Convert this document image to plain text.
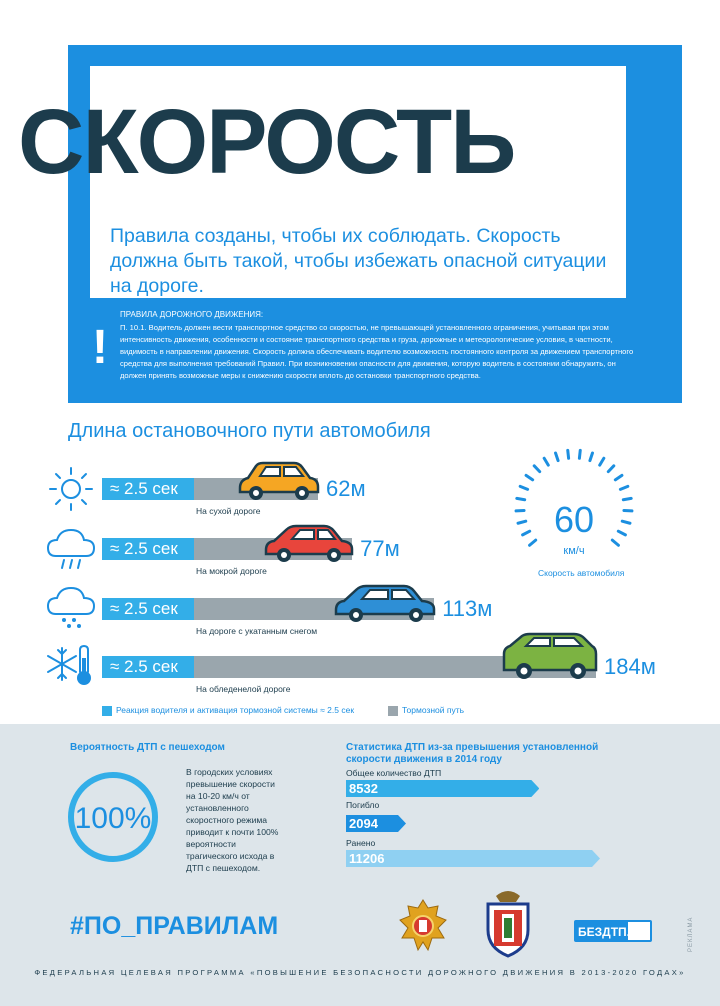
СКОРОСТЬ
Правила созданы, чтобы их соблюдать. Скорость должна быть такой, чтобы избежать опасной ситуации на дороге.
!
ПРАВИЛА ДОРОЖНОГО ДВИЖЕНИЯ:
П. 10.1. Водитель должен вести транспортное средство со скоростью, не превышающей установленного ограничения, учитывая при этом интенсивность движения, особенности и состояние транспортного средства и груза, дорожные и метеорологические условия, в частности, видимость в направлении движения. Скорость должна обеспечивать водителю возможность постоянного контроля за движением транспортного средства для выполнения требований Правил. При возникновении опасности для движения, которую водитель в состоянии обнаружить, он должен принять возможные меры к снижению скорости вплоть до остановки транспортного средства.
Длина остановочного пути автомобиля
≈ 2.5 сек	62м
На сухой дороге
≈ 2.5 сек	77м
На мокрой дороге
≈ 2.5 сек	113м
На дороге с укатанным снегом
≈ 2.5 сек	184м
На обледенелой дороге
60
км/ч
Скорость автомобиля
Реакция водителя и активация тормозной системы ≈ 2.5 сек	Тормозной путь
Вероятность ДТП с пешеходом
100%
В городских условиях превышение скорости на 10-20 км/ч от установленного скоростного режима приводит к почти 100% вероятности трагического исхода в ДТП с пешеходом.
Статистика ДТП из-за превышения установленной скорости движения в 2014 году
Общее количество ДТП
8532
Погибло
2094
Ранено
11206
#ПО_ПРАВИЛАМ	БЕЗДТП.РФ
ФЕДЕРАЛЬНАЯ ЦЕЛЕВАЯ ПРОГРАММА «ПОВЫШЕНИЕ БЕЗОПАСНОСТИ ДОРОЖНОГО ДВИЖЕНИЯ В 2013-2020 ГОДАХ»
РЕКЛАМА
